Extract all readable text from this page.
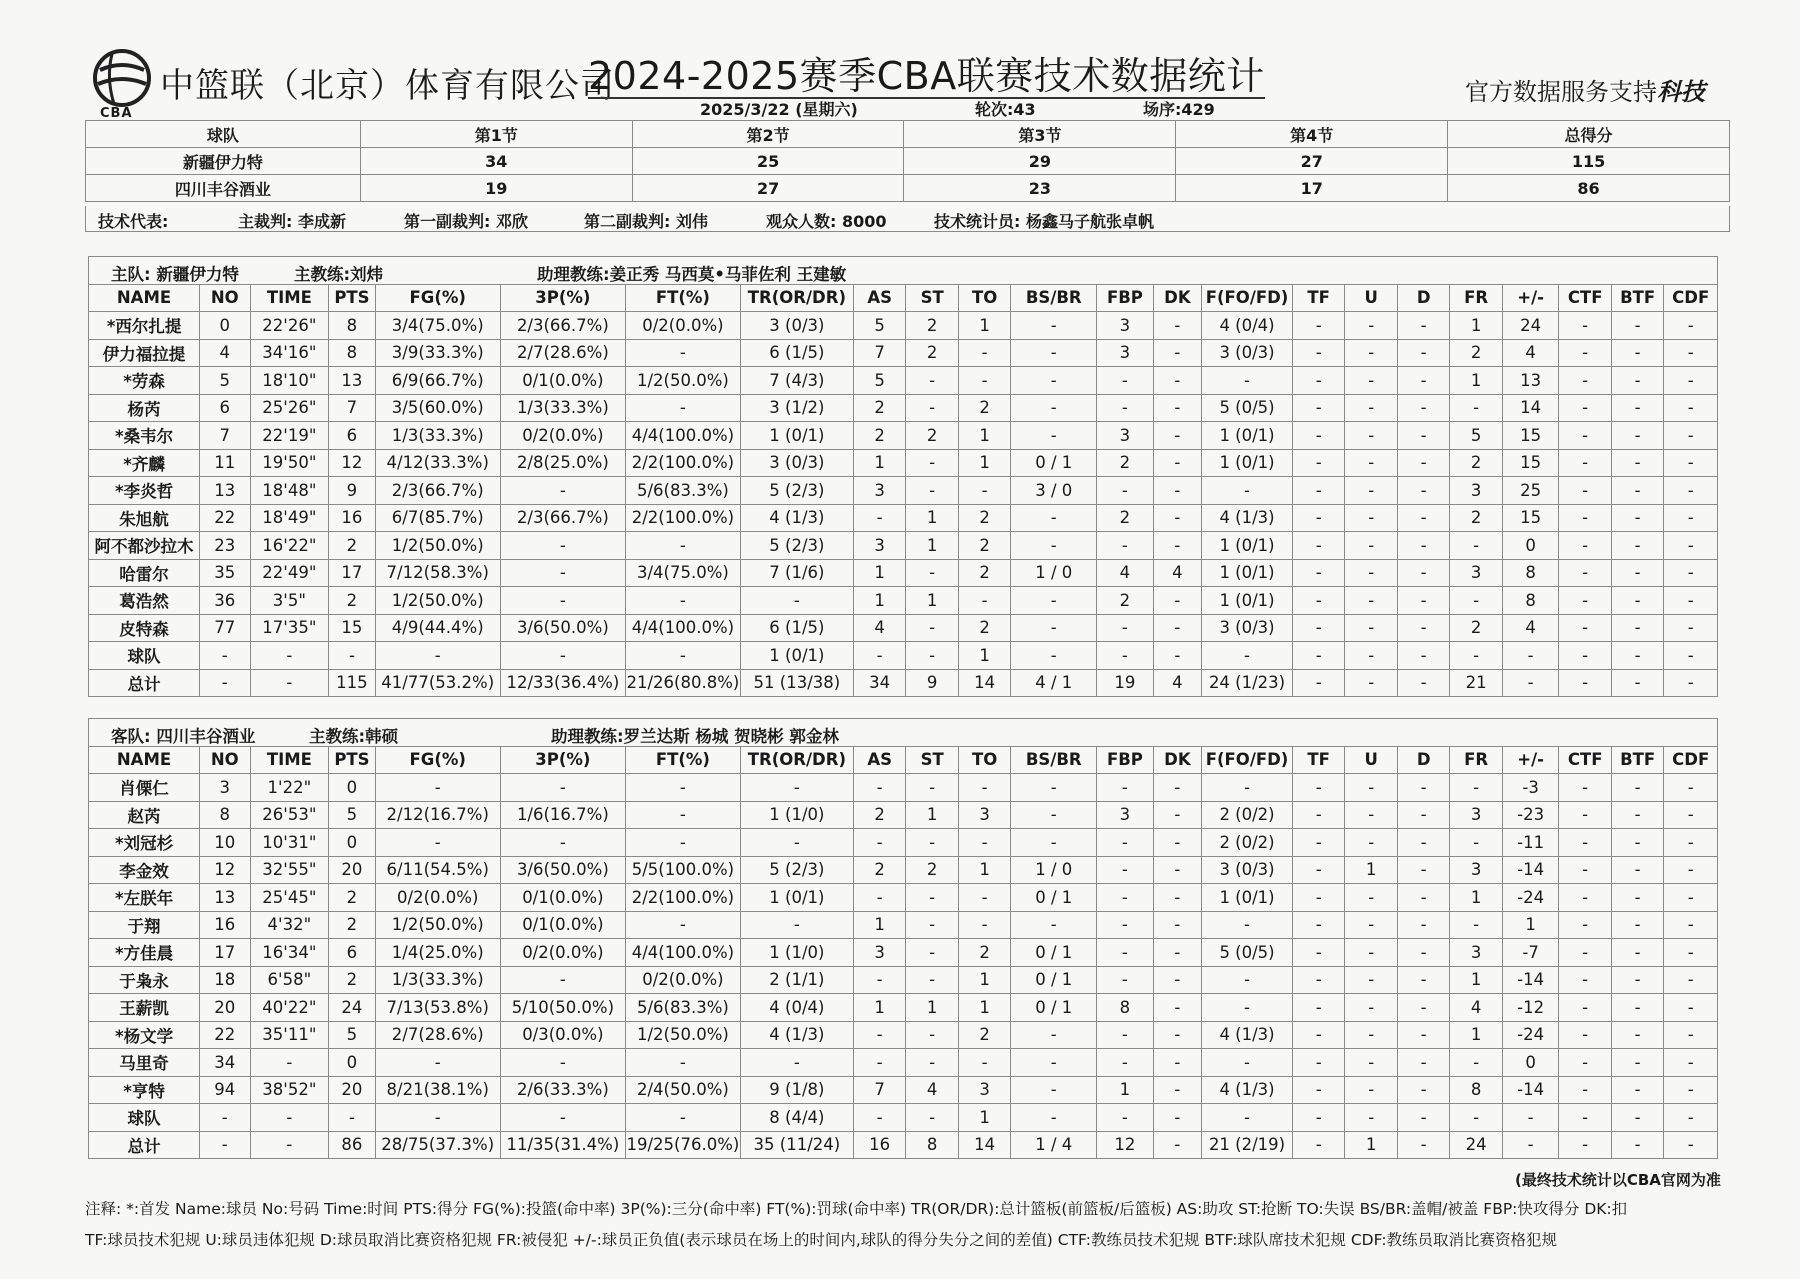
CBA
中篮联（北京）体育有限公司
2024-2025赛季CBA联赛技术数据统计	官方数据服务支持科技
2025/3/22 (星期六)	轮次:43	场序:429
球队	第1节	第2节	第3节	第4节	总得分
新疆伊力特	34	25	29	27	115
四川丰谷酒业	19	27	23	17	86
技术代表:	主裁判: 李成新	第一副裁判: 邓欣	第二副裁判: 刘伟	观众人数: 8000	技术统计员: 杨鑫马子航张卓帆
主队: 新疆伊力特 主教练:刘炜 助理教练:姜正秀 马西莫•马菲佐利 王建敏																						

NAME	NO	TIME	PTS	FG(%)	3P(%)	FT(%)	TR(OR/DR)	AS	ST	TO	BS/BR	FBP	DK	F(FO/FD)	TF	U	D	FR	+/-	CTF	BTF	CDF
*西尔扎提	0	22'26"	8	3/4(75.0%)	2/3(66.7%)	0/2(0.0%)	3 (0/3)	5	2	1	-	3	-	4 (0/4)	-	-	-	1	24	-	-	-
伊力福拉提	4	34'16"	8	3/9(33.3%)	2/7(28.6%)	-	6 (1/5)	7	2	-	-	3	-	3 (0/3)	-	-	-	2	4	-	-	-
*劳森	5	18'10"	13	6/9(66.7%)	0/1(0.0%)	1/2(50.0%)	7 (4/3)	5	-	-	-	-	-	-	-	-	-	1	13	-	-	-
杨芮	6	25'26"	7	3/5(60.0%)	1/3(33.3%)	-	3 (1/2)	2	-	2	-	-	-	5 (0/5)	-	-	-	-	14	-	-	-
*桑韦尔	7	22'19"	6	1/3(33.3%)	0/2(0.0%)	4/4(100.0%)	1 (0/1)	2	2	1	-	3	-	1 (0/1)	-	-	-	5	15	-	-	-
*齐麟	11	19'50"	12	4/12(33.3%)	2/8(25.0%)	2/2(100.0%)	3 (0/3)	1	-	1	0 / 1	2	-	1 (0/1)	-	-	-	2	15	-	-	-
*李炎哲	13	18'48"	9	2/3(66.7%)	-	5/6(83.3%)	5 (2/3)	3	-	-	3 / 0	-	-	-	-	-	-	3	25	-	-	-
朱旭航	22	18'49"	16	6/7(85.7%)	2/3(66.7%)	2/2(100.0%)	4 (1/3)	-	1	2	-	2	-	4 (1/3)	-	-	-	2	15	-	-	-
阿不都沙拉木	23	16'22"	2	1/2(50.0%)	-	-	5 (2/3)	3	1	2	-	-	-	1 (0/1)	-	-	-	-	0	-	-	-
哈雷尔	35	22'49"	17	7/12(58.3%)	-	3/4(75.0%)	7 (1/6)	1	-	2	1 / 0	4	4	1 (0/1)	-	-	-	3	8	-	-	-
葛浩然	36	3'5"	2	1/2(50.0%)	-	-	-	1	1	-	-	2	-	1 (0/1)	-	-	-	-	8	-	-	-
皮特森	77	17'35"	15	4/9(44.4%)	3/6(50.0%)	4/4(100.0%)	6 (1/5)	4	-	2	-	-	-	3 (0/3)	-	-	-	2	4	-	-	-
球队	-	-	-	-	-	-	1 (0/1)	-	-	1	-	-	-	-	-	-	-	-	-	-	-	-
总计	-	-	115	41/77(53.2%)	12/33(36.4%)	21/26(80.8%)	51 (13/38)	34	9	14	4 / 1	19	4	24 (1/23)	-	-	-	21	-	-	-	-
客队: 四川丰谷酒业 主教练:韩硕 助理教练:罗兰达斯 杨城 贺晓彬 郭金林																						

NAME	NO	TIME	PTS	FG(%)	3P(%)	FT(%)	TR(OR/DR)	AS	ST	TO	BS/BR	FBP	DK	F(FO/FD)	TF	U	D	FR	+/-	CTF	BTF	CDF
肖傈仁	3	1'22"	0	-	-	-	-	-	-	-	-	-	-	-	-	-	-	-	-3	-	-	-
赵芮	8	26'53"	5	2/12(16.7%)	1/6(16.7%)	-	1 (1/0)	2	1	3	-	3	-	2 (0/2)	-	-	-	3	-23	-	-	-
*刘冠杉	10	10'31"	0	-	-	-	-	-	-	-	-	-	-	2 (0/2)	-	-	-	-	-11	-	-	-
李金效	12	32'55"	20	6/11(54.5%)	3/6(50.0%)	5/5(100.0%)	5 (2/3)	2	2	1	1 / 0	-	-	3 (0/3)	-	1	-	3	-14	-	-	-
*左朕年	13	25'45"	2	0/2(0.0%)	0/1(0.0%)	2/2(100.0%)	1 (0/1)	-	-	-	0 / 1	-	-	1 (0/1)	-	-	-	1	-24	-	-	-
于翔	16	4'32"	2	1/2(50.0%)	0/1(0.0%)	-	-	1	-	-	-	-	-	-	-	-	-	-	1	-	-	-
*方佳晨	17	16'34"	6	1/4(25.0%)	0/2(0.0%)	4/4(100.0%)	1 (1/0)	3	-	2	0 / 1	-	-	5 (0/5)	-	-	-	3	-7	-	-	-
于枭永	18	6'58"	2	1/3(33.3%)	-	0/2(0.0%)	2 (1/1)	-	-	1	0 / 1	-	-	-	-	-	-	1	-14	-	-	-
王薪凯	20	40'22"	24	7/13(53.8%)	5/10(50.0%)	5/6(83.3%)	4 (0/4)	1	1	1	0 / 1	8	-	-	-	-	-	4	-12	-	-	-
*杨文学	22	35'11"	5	2/7(28.6%)	0/3(0.0%)	1/2(50.0%)	4 (1/3)	-	-	2	-	-	-	4 (1/3)	-	-	-	1	-24	-	-	-
马里奇	34	-	0	-	-	-	-	-	-	-	-	-	-	-	-	-	-	-	0	-	-	-
*亨特	94	38'52"	20	8/21(38.1%)	2/6(33.3%)	2/4(50.0%)	9 (1/8)	7	4	3	-	1	-	4 (1/3)	-	-	-	8	-14	-	-	-
球队	-	-	-	-	-	-	8 (4/4)	-	-	1	-	-	-	-	-	-	-	-	-	-	-	-
总计	-	-	86	28/75(37.3%)	11/35(31.4%)	19/25(76.0%)	35 (11/24)	16	8	14	1 / 4	12	-	21 (2/19)	-	1	-	24	-	-	-	-
(最终技术统计以CBA官网为准
注释: *:首发 Name:球员 No:号码 Time:时间 PTS:得分 FG(%):投篮(命中率) 3P(%):三分(命中率) FT(%):罚球(命中率) TR(OR/DR):总计篮板(前篮板/后篮板) AS:助攻 ST:抢断 TO:失误 BS/BR:盖帽/被盖 FBP:快攻得分 DK:扣
TF:球员技术犯规 U:球员违体犯规 D:球员取消比赛资格犯规 FR:被侵犯 +/-:球员正负值(表示球员在场上的时间内,球队的得分失分之间的差值) CTF:教练员技术犯规 BTF:球队席技术犯规 CDF:教练员取消比赛资格犯规
